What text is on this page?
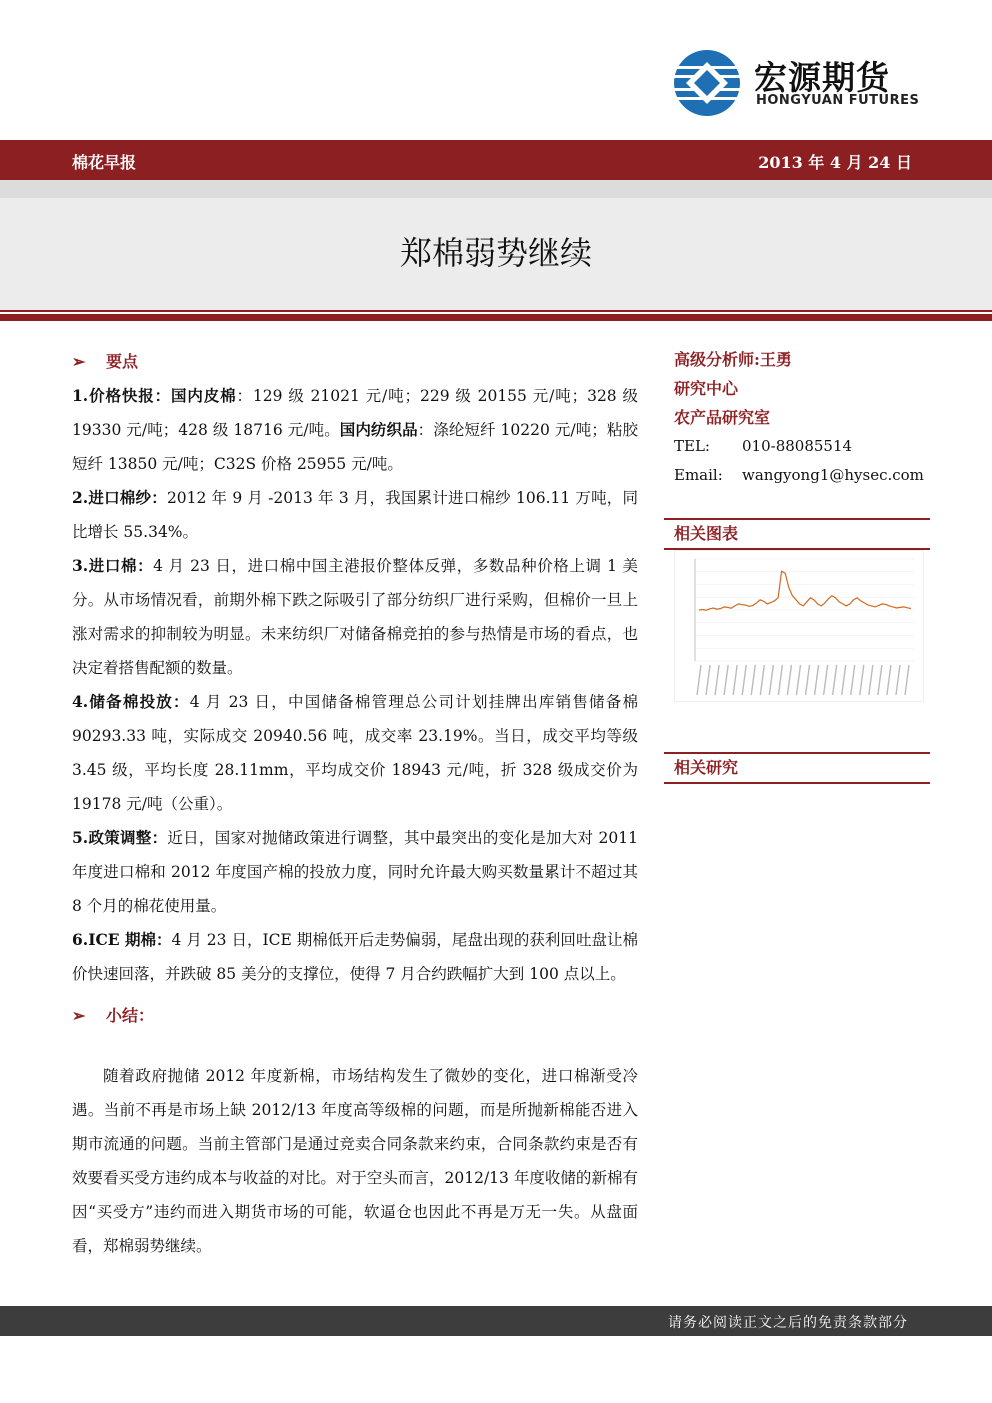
宏源期货
HONGYUAN FUTURES
棉花早报	2013 年 4 月 24 日
郑棉弱势继续
➢ 要点

1.价格快报：国内皮棉：129 级 21021 元/吨；229 级 20155 元/吨；328 级 19330 元/吨；428 级 18716 元/吨。国内纺织品：涤纶短纤 10220 元/吨；粘胶短纤 13850 元/吨；C32S 价格 25955 元/吨。

2.进口棉纱：2012 年 9 月 -2013 年 3 月，我国累计进口棉纱 106.11 万吨，同比增长 55.34%。

3.进口棉：4 月 23 日，进口棉中国主港报价整体反弹，多数品种价格上调 1 美分。从市场情况看，前期外棉下跌之际吸引了部分纺织厂进行采购，但棉价一旦上涨对需求的抑制较为明显。未来纺织厂对储备棉竞拍的参与热情是市场的看点，也决定着搭售配额的数量。

4.储备棉投放：4 月 23 日，中国储备棉管理总公司计划挂牌出库销售储备棉 90293.33 吨，实际成交 20940.56 吨，成交率 23.19%。当日，成交平均等级 3.45 级，平均长度 28.11mm，平均成交价 18943 元/吨，折 328 级成交价为 19178 元/吨（公重）。

5.政策调整：近日，国家对抛储政策进行调整，其中最突出的变化是加大对 2011 年度进口棉和 2012 年度国产棉的投放力度，同时允许最大购买数量累计不超过其 8 个月的棉花使用量。

6.ICE 期棉：4 月 23 日，ICE 期棉低开后走势偏弱，尾盘出现的获利回吐盘让棉价快速回落，并跌破 85 美分的支撑位，使得 7 月合约跌幅扩大到 100 点以上。

➢ 小结：

随着政府抛储 2012 年度新棉，市场结构发生了微妙的变化，进口棉渐受冷遇。当前不再是市场上缺 2012/13 年度高等级棉的问题，而是所抛新棉能否进入期市流通的问题。当前主管部门是通过竞卖合同条款来约束，合同条款约束是否有效要看买受方违约成本与收益的对比。对于空头而言，2012/13 年度收储的新棉有因“买受方”违约而进入期货市场的可能，软逼仓也因此不再是万无一失。从盘面看，郑棉弱势继续。

高级分析师:王勇
研究中心
农产品研究室
TEL: 010-88085514
Email: wangyong1@hysec.com
相关图表
相关研究
请务必阅读正文之后的免责条款部分
